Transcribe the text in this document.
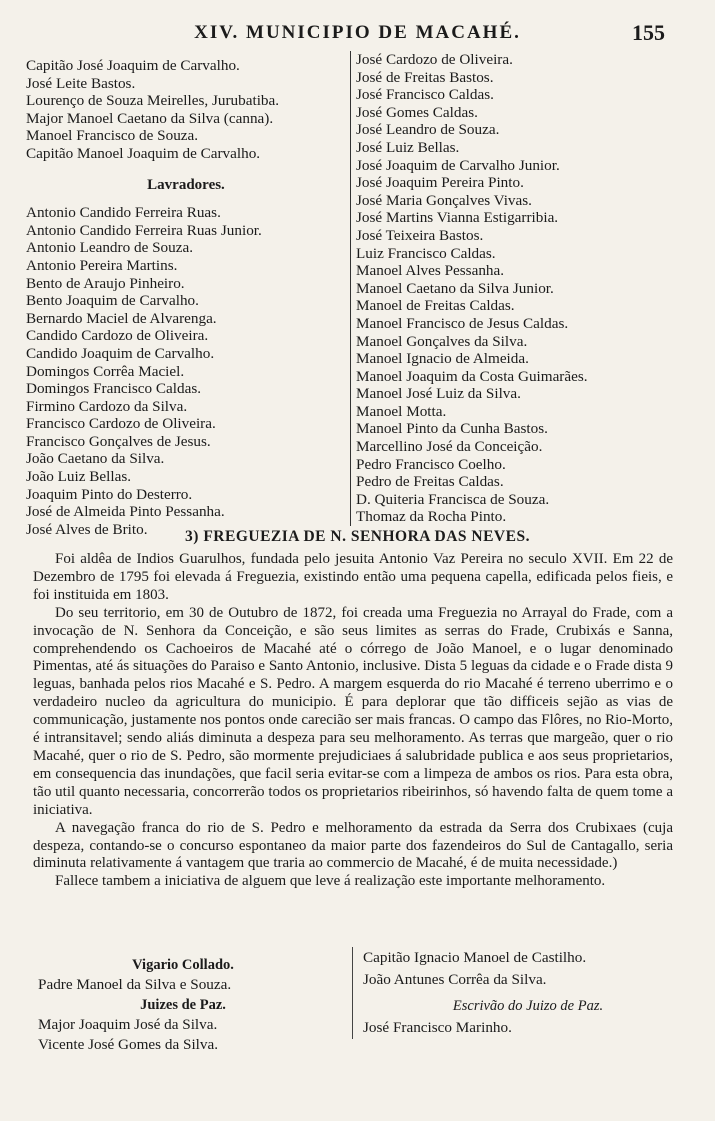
XIV. MUNICIPIO DE MACAHÉ.	155
Capitão José Joaquim de Carvalho.
José Leite Bastos.
Lourenço de Souza Meirelles, Jurubatiba.
Major Manoel Caetano da Silva (canna).
Manoel Francisco de Souza.
Capitão Manoel Joaquim de Carvalho.
Lavradores.
Antonio Candido Ferreira Ruas.
Antonio Candido Ferreira Ruas Junior.
Antonio Leandro de Souza.
Antonio Pereira Martins.
Bento de Araujo Pinheiro.
Bento Joaquim de Carvalho.
Bernardo Maciel de Alvarenga.
Candido Cardozo de Oliveira.
Candido Joaquim de Carvalho.
Domingos Corrêa Maciel.
Domingos Francisco Caldas.
Firmino Cardozo da Silva.
Francisco Cardozo de Oliveira.
Francisco Gonçalves de Jesus.
João Caetano da Silva.
João Luiz Bellas.
Joaquim Pinto do Desterro.
José de Almeida Pinto Pessanha.
José Alves de Brito.
José Cardozo de Oliveira.
José de Freitas Bastos.
José Francisco Caldas.
José Gomes Caldas.
José Leandro de Souza.
José Luiz Bellas.
José Joaquim de Carvalho Junior.
José Joaquim Pereira Pinto.
José Maria Gonçalves Vivas.
José Martins Vianna Estigarribia.
José Teixeira Bastos.
Luiz Francisco Caldas.
Manoel Alves Pessanha.
Manoel Caetano da Silva Junior.
Manoel de Freitas Caldas.
Manoel Francisco de Jesus Caldas.
Manoel Gonçalves da Silva.
Manoel Ignacio de Almeida.
Manoel Joaquim da Costa Guimarães.
Manoel José Luiz da Silva.
Manoel Motta.
Manoel Pinto da Cunha Bastos.
Marcellino José da Conceição.
Pedro Francisco Coelho.
Pedro de Freitas Caldas.
D. Quiteria Francisca de Souza.
Thomaz da Rocha Pinto.
3) FREGUEZIA DE N. SENHORA DAS NEVES.

Foi aldêa de Indios Guarulhos, fundada pelo jesuita Antonio Vaz Pereira no seculo XVII. Em 22 de Dezembro de 1795 foi elevada á Freguezia, existindo então uma pequena capella, edificada pelos fieis, e foi instituida em 1803.

Do seu territorio, em 30 de Outubro de 1872, foi creada uma Freguezia no Arrayal do Frade, com a invocação de N. Senhora da Conceição, e são seus limites as serras do Frade, Crubixás e Sanna, comprehendendo os Cachoeiros de Macahé até o córrego de João Manoel, e o lugar denominado Pimentas, até ás situações do Paraiso e Santo Antonio, inclusive. Dista 5 leguas da cidade e o Frade dista 9 leguas, banhada pelos rios Macahé e S. Pedro. A margem esquerda do rio Macahé é terreno uberrimo e o verdadeiro nucleo da agricultura do municipio. É para deplorar que tão difficeis sejão as vias de communicação, justamente nos pontos onde carecião ser mais francas. O campo das Flôres, no Rio-Morto, é intransitavel; sendo aliás diminuta a despeza para seu melhoramento. As terras que margeão, quer o rio Macahé, quer o rio de S. Pedro, são mormente prejudiciaes á salubridade publica e aos seus proprietarios, em consequencia das inundações, que facil seria evitar-se com a limpeza de ambos os rios. Para esta obra, tão util quanto necessaria, concorrerão todos os proprietarios ribeirinhos, só havendo falta de quem tome a iniciativa.

A navegação franca do rio de S. Pedro e melhoramento da estrada da Serra dos Crubixaes (cuja despeza, contando-se o concurso espontaneo da maior parte dos fazendeiros do Sul de Cantagallo, seria diminuta relativamente á vantagem que traria ao commercio de Macahé, é de muita necessidade.)

Fallece tambem a iniciativa de alguem que leve á realização este importante melhoramento.

Vigario Collado.
Padre Manoel da Silva e Souza.
Juizes de Paz.
Major Joaquim José da Silva.
Vicente José Gomes da Silva.
Capitão Ignacio Manoel de Castilho.
João Antunes Corrêa da Silva.
Escrivão do Juizo de Paz.
José Francisco Marinho.
